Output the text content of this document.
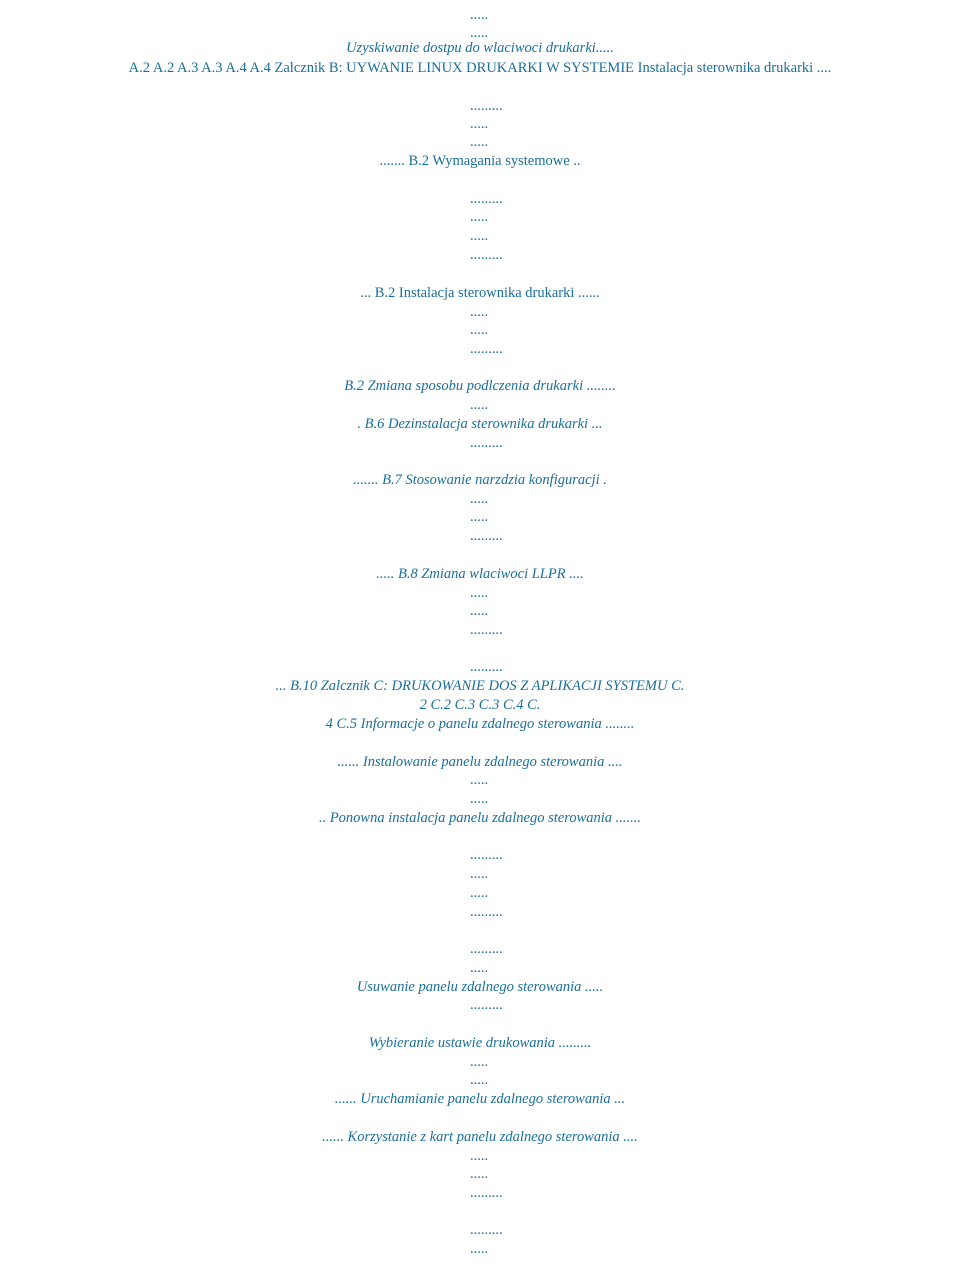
.....
.....
Uzyskiwanie dostpu do wlaciwoci drukarki.....
A.2 A.2 A.3 A.3 A.4 A.4 Zalcznik B: UYWANIE LINUX DRUKARKI W SYSTEMIE Instalacja sterownika drukarki ....
.........
.....
.....
....... B.2 Wymagania systemowe ..
.........
.....
.....
.........
... B.2 Instalacja sterownika drukarki ......
.....
.....
.........
B.2 Zmiana sposobu podlczenia drukarki ........
.....
. B.6 Dezinstalacja sterownika drukarki ...
.........
....... B.7 Stosowanie narzdzia konfiguracji .
.....
.....
.........
..... B.8 Zmiana wlaciwoci LLPR ....
.....
.....
.........
.........
... B.10 Zalcznik C: DRUKOWANIE DOS Z APLIKACJI SYSTEMU C.
2 C.2 C.3 C.3 C.4 C.
4 C.5 Informacje o panelu zdalnego sterowania ........
...... Instalowanie panelu zdalnego sterowania ....
.....
.....
.. Ponowna instalacja panelu zdalnego sterowania .......
.........
.....
.....
.........
.........
.....
Usuwanie panelu zdalnego sterowania .....
.........
Wybieranie ustawie drukowania .........
.....
.....
...... Uruchamianie panelu zdalnego sterowania ...
...... Korzystanie z kart panelu zdalnego sterowania ....
.....
.....
.........
.........
.....
